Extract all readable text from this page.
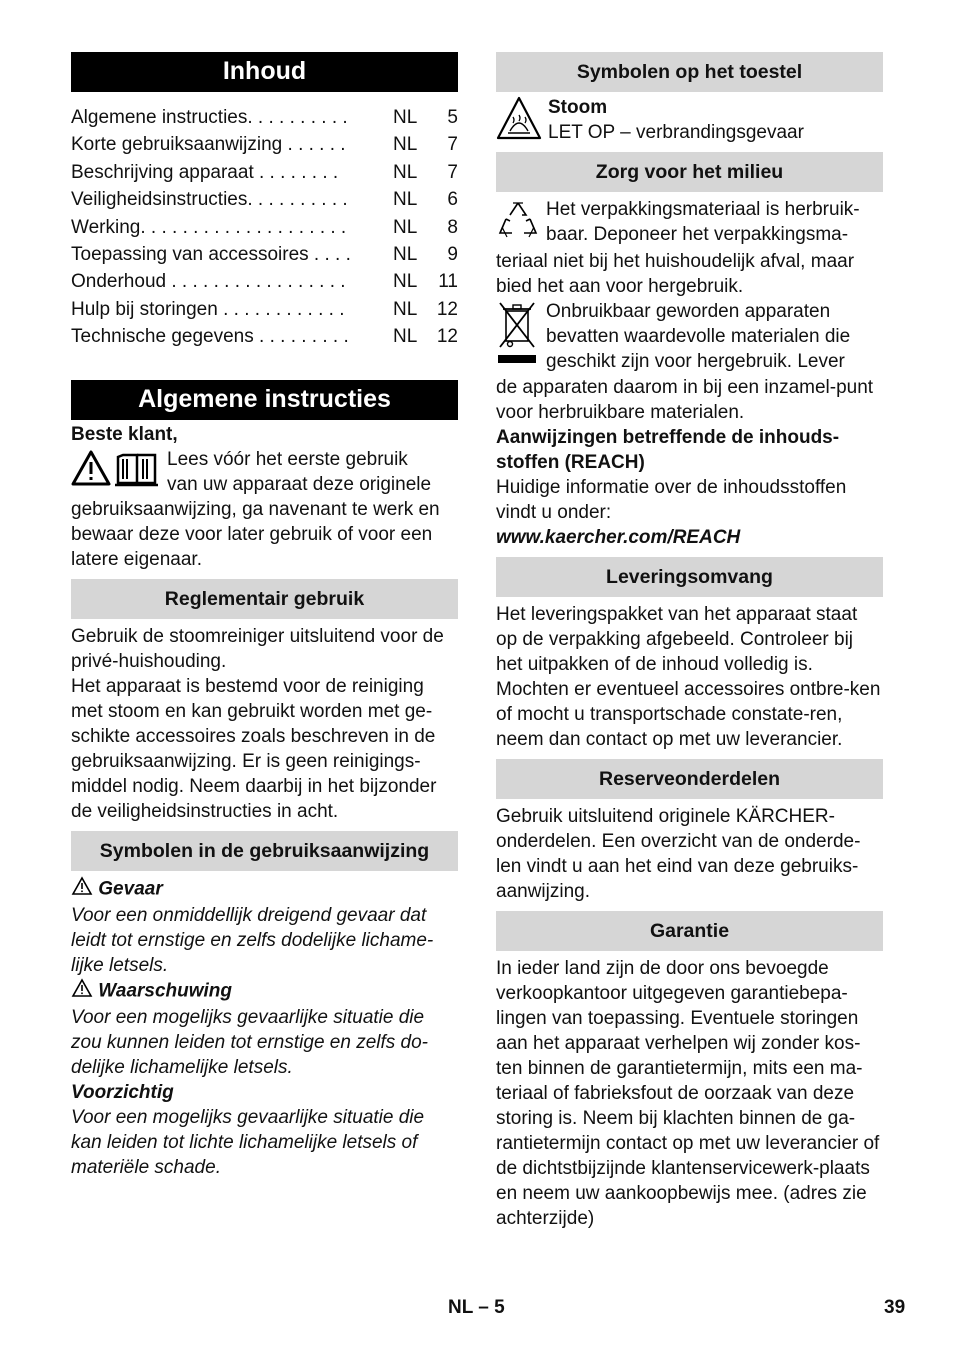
Inhoud
Algemene instructies. . . . . . . . . .	NL	5
Korte gebruiksaanwijzing . . . . . .	NL	7
Beschrijving apparaat . . . . . . . .	NL	7
Veiligheidsinstructies. . . . . . . . . .	NL	6
Werking. . . . . . . . . . . . . . . . . . . .	NL	8
Toepassing van accessoires . . . .	NL	9
Onderhoud . . . . . . . . . . . . . . . . .	NL	11
Hulp bij storingen . . . . . . . . . . . .	NL	12
Technische gegevens . . . . . . . . .	NL	12
Algemene instructies

Beste klant,

Lees vóór het eerste gebruik

van uw apparaat deze originele

gebruiksaanwijzing, ga navenant te werk en bewaar deze voor later gebruik of voor een latere eigenaar.

Reglementair gebruik

Gebruik de stoomreiniger uitsluitend voor de privé-huishouding.

Het apparaat is bestemd voor de reiniging met stoom en kan gebruikt worden met ge-schikte accessoires zoals beschreven in de gebruiksaanwijzing. Er is geen reinigings-middel nodig. Neem daarbij in het bijzonder de veiligheidsinstructies in acht.

Symbolen in de gebruiksaanwijzing

Gevaar

Voor een onmiddellijk dreigend gevaar dat leidt tot ernstige en zelfs dodelijke lichame-lijke letsels.

Waarschuwing

Voor een mogelijks gevaarlijke situatie die zou kunnen leiden tot ernstige en zelfs do-delijke lichamelijke letsels.

Voorzichtig

Voor een mogelijks gevaarlijke situatie die kan leiden tot lichte lichamelijke letsels of materiële schade.

Symbolen op het toestel

Stoom

LET OP – verbrandingsgevaar

Zorg voor het milieu

Het verpakkingsmateriaal is herbruik-

baar. Deponeer het verpakkingsma-

teriaal niet bij het huishoudelijk afval, maar bied het aan voor hergebruik.

Onbruikbaar geworden apparaten

bevatten waardevolle materialen die

geschikt zijn voor hergebruik. Lever

de apparaten daarom in bij een inzamel-punt voor herbruikbare materialen.

Aanwijzingen betreffende de inhouds-stoffen (REACH)

Huidige informatie over de inhoudsstoffen vindt u onder:

www.kaercher.com/REACH

Leveringsomvang

Het leveringspakket van het apparaat staat op de verpakking afgebeeld. Controleer bij het uitpakken of de inhoud volledig is. Mochten er eventueel accessoires ontbre-ken of mocht u transportschade constate-ren, neem dan contact op met uw leverancier.

Reserveonderdelen

Gebruik uitsluitend originele KÄRCHER-onderdelen. Een overzicht van de onderde-len vindt u aan het eind van deze gebruiks-aanwijzing.

Garantie

In ieder land zijn de door ons bevoegde verkoopkantoor uitgegeven garantiebepa-lingen van toepassing. Eventuele storingen aan het apparaat verhelpen wij zonder kos-ten binnen de garantietermijn, mits een ma-teriaal of fabrieksfout de oorzaak van deze storing is. Neem bij klachten binnen de ga-rantietermijn contact op met uw leverancier of de dichtstbijzijnde klantenservicewerk-plaats en neem uw aankoopbewijs mee. (adres zie achterzijde)

NL – 5	39
